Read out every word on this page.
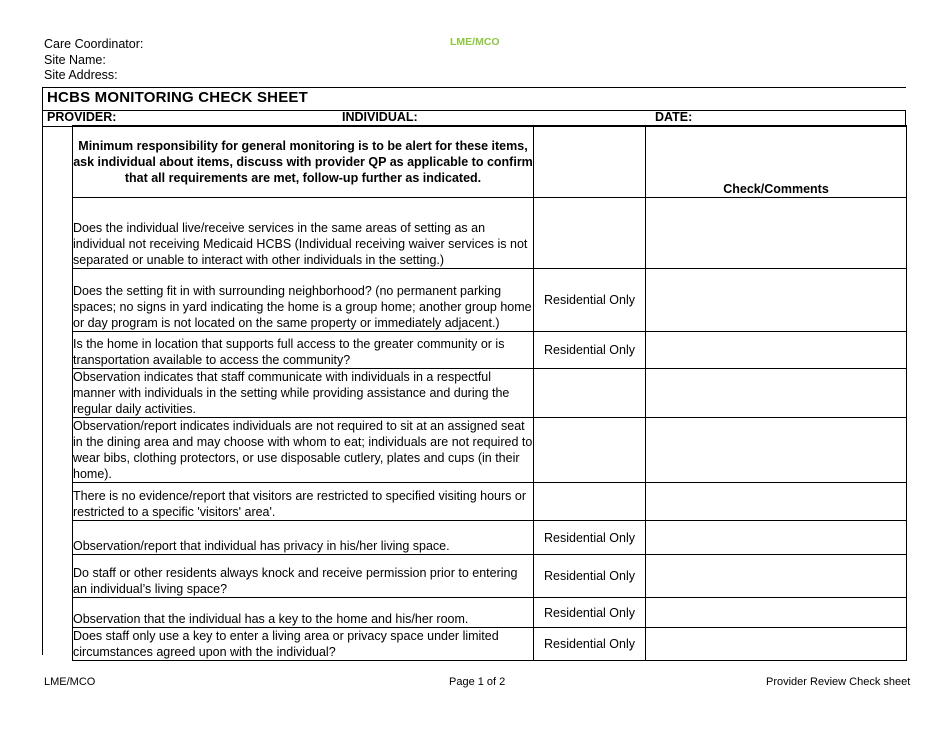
Care Coordinator:
Site Name:
Site Address:
LME/MCO
HCBS MONITORING CHECK SHEET
PROVIDER:	INDIVIDUAL:	DATE:
Minimum responsibility for general monitoring is to be alert for these items, ask individual about items, discuss with provider QP as applicable to confirm that all requirements are met, follow-up further as indicated.		Check/Comments
Does the individual live/receive services in the same areas of setting as an individual not receiving Medicaid HCBS (Individual receiving waiver services is not separated or unable to interact with other individuals in the setting.)		
Does the setting fit in with surrounding neighborhood? (no permanent parking spaces; no signs in yard indicating the home is a group home; another group home or day program is not located on the same property or immediately adjacent.)	Residential Only	
Is the home in location that supports full access to the greater community or is transportation available to access the community?	Residential Only	
Observation indicates that staff communicate with individuals in a respectful manner with individuals in the setting while providing assistance and during the regular daily activities.		
Observation/report indicates individuals are not required to sit at an assigned seat in the dining area and may choose with whom to eat; individuals are not required to wear bibs, clothing protectors, or use disposable cutlery, plates and cups (in their home).		
There is no evidence/report that visitors are restricted to specified visiting hours or restricted to a specific 'visitors' area'.		
Observation/report that individual has privacy in his/her living space.	Residential Only	
Do staff or other residents always knock and receive permission prior to entering an individual’s living space?	Residential Only	
Observation that the individual has a key to the home and his/her room.	Residential Only	
Does staff only use a key to enter a living area or privacy space under limited circumstances agreed upon with the individual?	Residential Only	
LME/MCO	Page 1 of 2	Provider Review Check sheet
